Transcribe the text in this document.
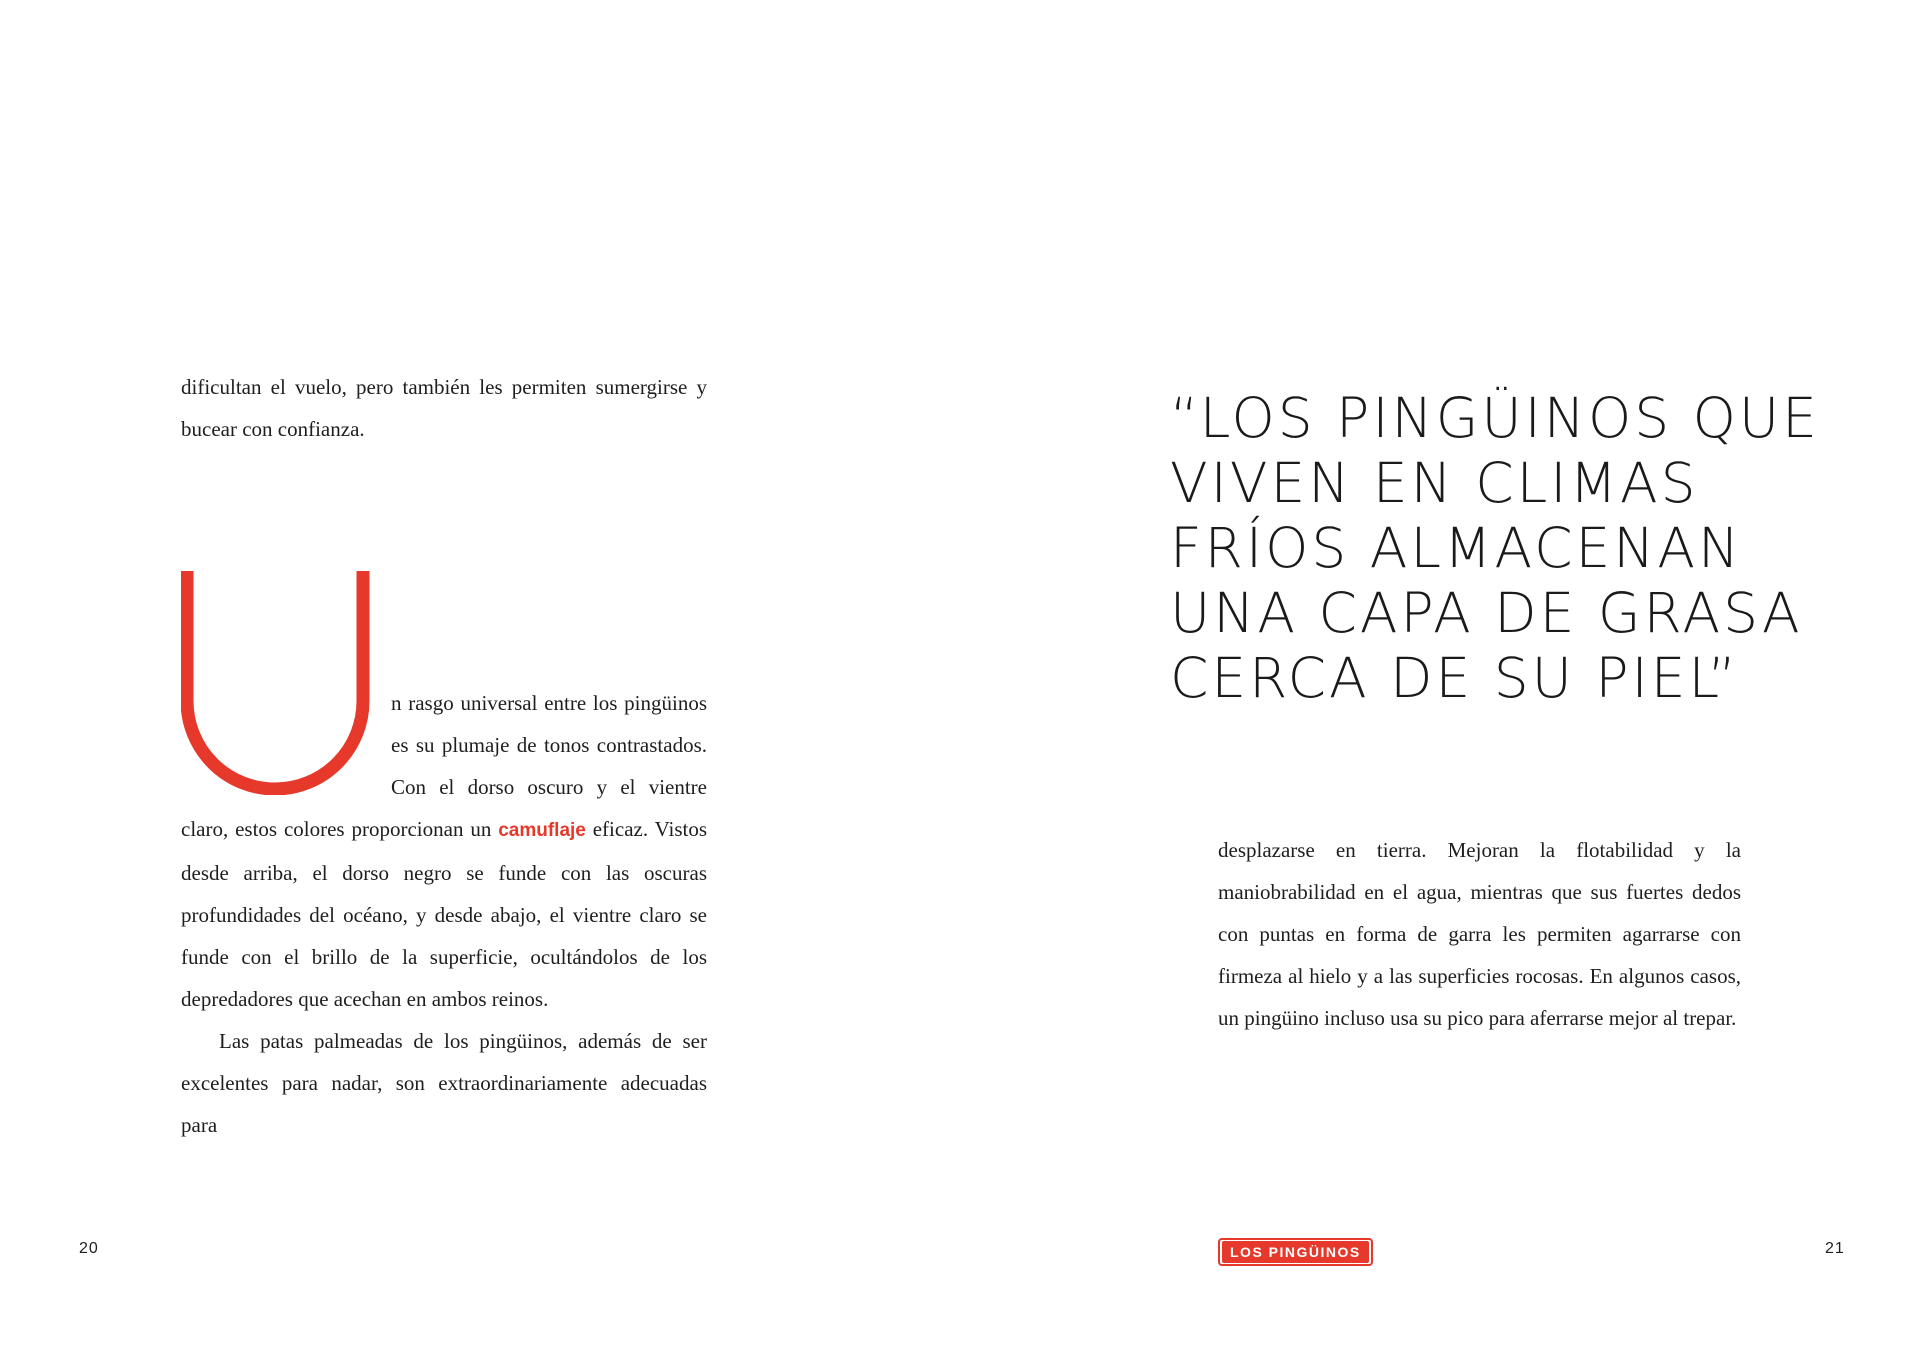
dificultan el vuelo, pero también les permiten sumergirse y bucear con confianza.

n rasgo universal entre los pingüinos es su plumaje de tonos contrastados. Con el dorso oscuro y el vientre claro, estos colores proporcionan un camuflaje eficaz. Vistos desde arriba, el dorso negro se funde con las oscuras profundidades del océano, y desde abajo, el vientre claro se funde con el brillo de la superficie, ocultándolos de los depredadores que acechan en ambos reinos.

Las patas palmeadas de los pingüinos, además de ser excelentes para nadar, son extraordinariamente adecuadas para

20
“LOS PINGÜINOS QUE
VIVEN EN CLIMAS
FRÍOS ALMACENAN
UNA CAPA DE GRASA
CERCA DE SU PIEL”

desplazarse en tierra. Mejoran la flotabilidad y la maniobrabilidad en el agua, mientras que sus fuertes dedos con puntas en forma de garra les permiten agarrarse con firmeza al hielo y a las superficies rocosas. En algunos casos, un pingüino incluso usa su pico para aferrarse mejor al trepar.

LOS PINGÜINOS	21
